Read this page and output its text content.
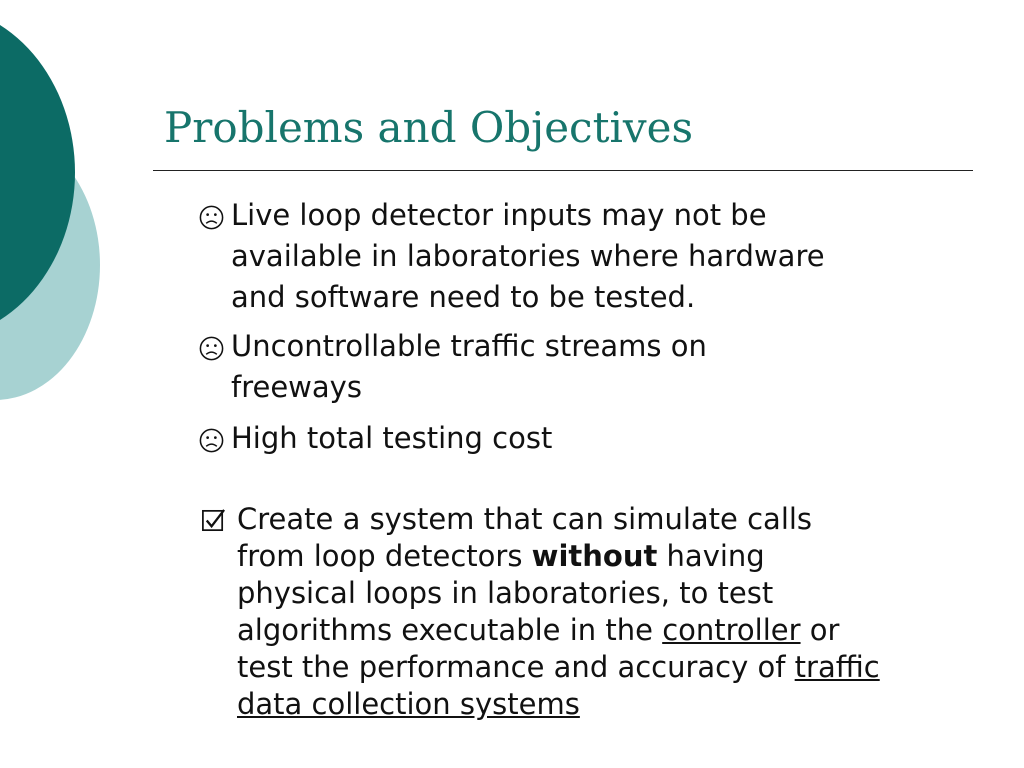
Problems and Objectives
Live loop detector inputs may not be
available in laboratories where hardware
and software need to be tested.
Uncontrollable traffic streams on
freeways
High total testing cost
Create a system that can simulate calls
from loop detectors without having
physical loops in laboratories, to test
algorithms executable in the controller or
test the performance and accuracy of traffic
data collection systems
